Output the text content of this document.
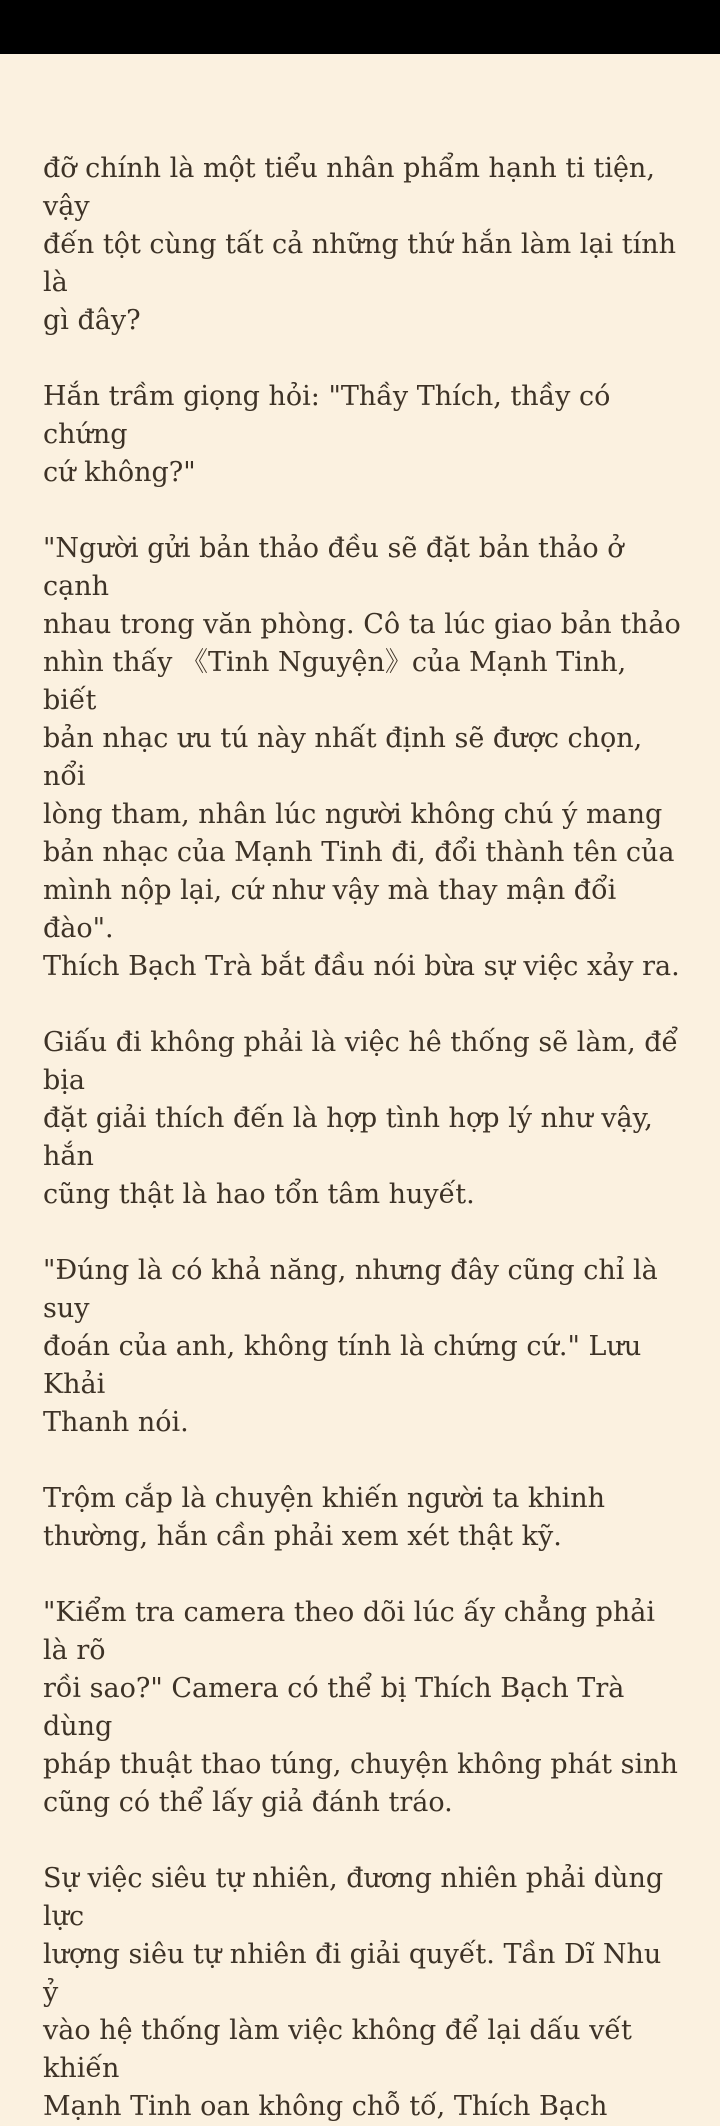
đỡ chính là một tiểu nhân phẩm hạnh ti tiện, vậy
đến tột cùng tất cả những thứ hắn làm lại tính là
gì đây?

Hắn trầm giọng hỏi: "Thầy Thích, thầy có chứng
cứ không?"

"Người gửi bản thảo đều sẽ đặt bản thảo ở cạnh
nhau trong văn phòng. Cô ta lúc giao bản thảo
nhìn thấy 《Tinh Nguyện》của Mạnh Tinh, biết
bản nhạc ưu tú này nhất định sẽ được chọn, nổi
lòng tham, nhân lúc người không chú ý mang
bản nhạc của Mạnh Tinh đi, đổi thành tên của
mình nộp lại, cứ như vậy mà thay mận đổi đào".
Thích Bạch Trà bắt đầu nói bừa sự việc xảy ra.

Giấu đi không phải là việc hê thống sẽ làm, để bịa
đặt giải thích đến là hợp tình hợp lý như vậy, hắn
cũng thật là hao tổn tâm huyết.

"Đúng là có khả năng, nhưng đây cũng chỉ là suy
đoán của anh, không tính là chứng cứ." Lưu Khải
Thanh nói.

Trộm cắp là chuyện khiến người ta khinh
thường, hắn cần phải xem xét thật kỹ.

"Kiểm tra camera theo dõi lúc ấy chẳng phải là rõ
rồi sao?" Camera có thể bị Thích Bạch Trà dùng
pháp thuật thao túng, chuyện không phát sinh
cũng có thể lấy giả đánh tráo.

Sự việc siêu tự nhiên, đương nhiên phải dùng lực
lượng siêu tự nhiên đi giải quyết. Tần Dĩ Nhu ỷ
vào hệ thống làm việc không để lại dấu vết khiến
Mạnh Tinh oan không chỗ tố, Thích Bạch
